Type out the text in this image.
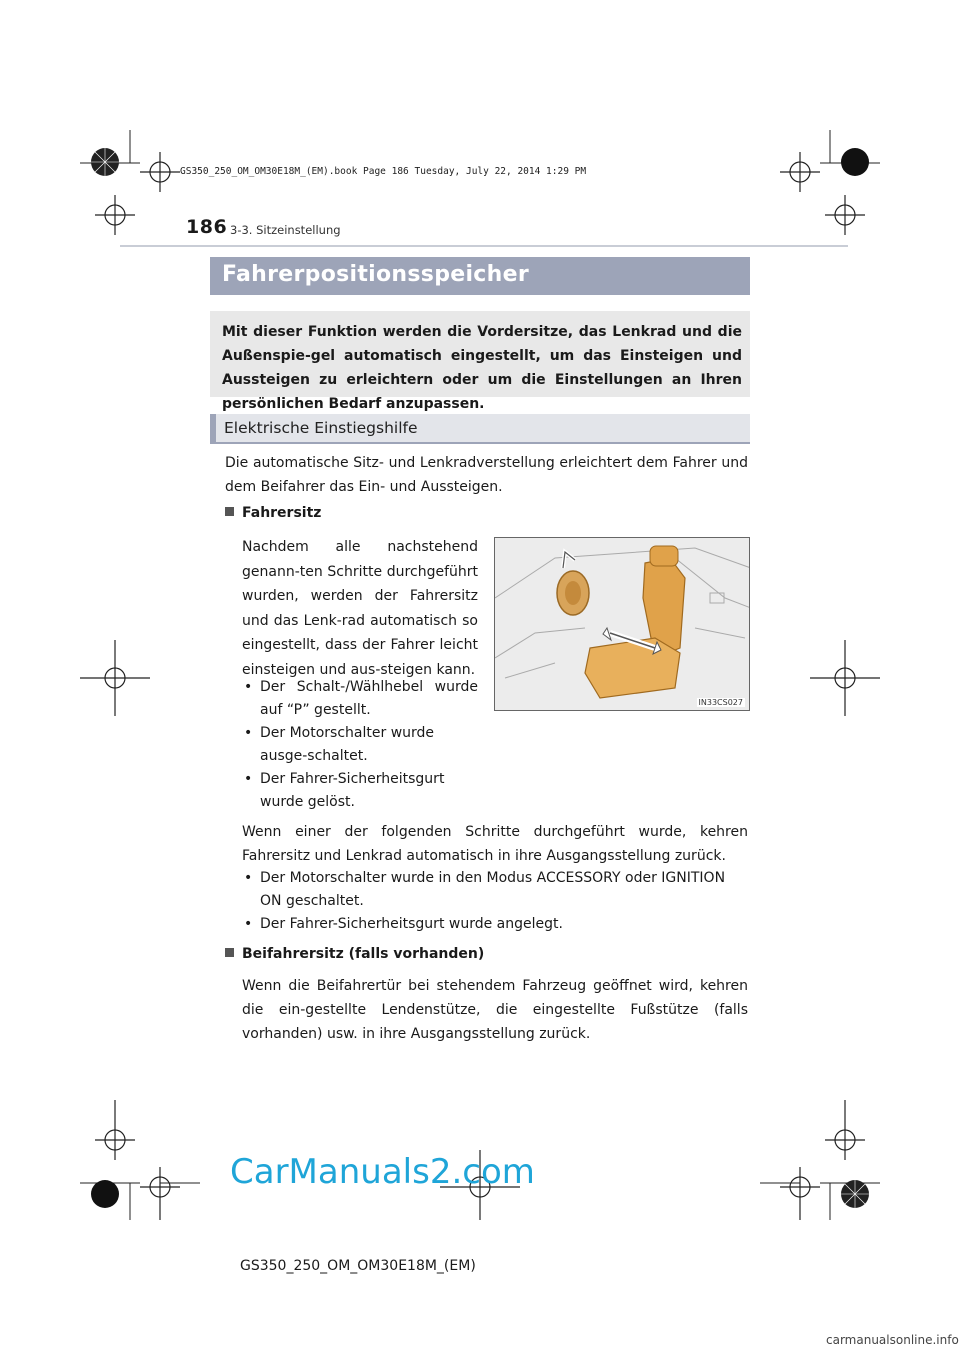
GS350_250_OM_OM30E18M_(EM).book Page 186 Tuesday, July 22, 2014 1:29 PM
186 3-3. Sitzeinstellung
Fahrerpositionsspeicher

Mit dieser Funktion werden die Vordersitze, das Lenkrad und die Außenspie-gel automatisch eingestellt, um das Einsteigen und Aussteigen zu erleichtern oder um die Einstellungen an Ihren persönlichen Bedarf anzupassen.

Elektrische Einstiegshilfe
Die automatische Sitz- und Lenkradverstellung erleichtert dem Fahrer und dem Beifahrer das Ein- und Aussteigen.
Fahrersitz
Nachdem alle nachstehend genann-ten Schritte durchgeführt wurden, werden der Fahrersitz und das Lenk-rad automatisch so eingestellt, dass der Fahrer leicht einsteigen und aus-steigen kann.
• Der Schalt-/Wählhebel wurde auf “P” gestellt.
• Der Motorschalter wurde ausge-schaltet.
• Der Fahrer-Sicherheitsgurt wurde gelöst.
IN33CS027
Wenn einer der folgenden Schritte durchgeführt wurde, kehren Fahrersitz und Lenkrad automatisch in ihre Ausgangsstellung zurück.
• Der Motorschalter wurde in den Modus ACCESSORY oder IGNITION ON geschaltet.
• Der Fahrer-Sicherheitsgurt wurde angelegt.
Beifahrersitz (falls vorhanden)
Wenn die Beifahrertür bei stehendem Fahrzeug geöffnet wird, kehren die ein-gestellte Lendenstütze, die eingestellte Fußstütze (falls vorhanden) usw. in ihre Ausgangsstellung zurück.
CarManuals2.com
GS350_250_OM_OM30E18M_(EM)
carmanualsonline.info
